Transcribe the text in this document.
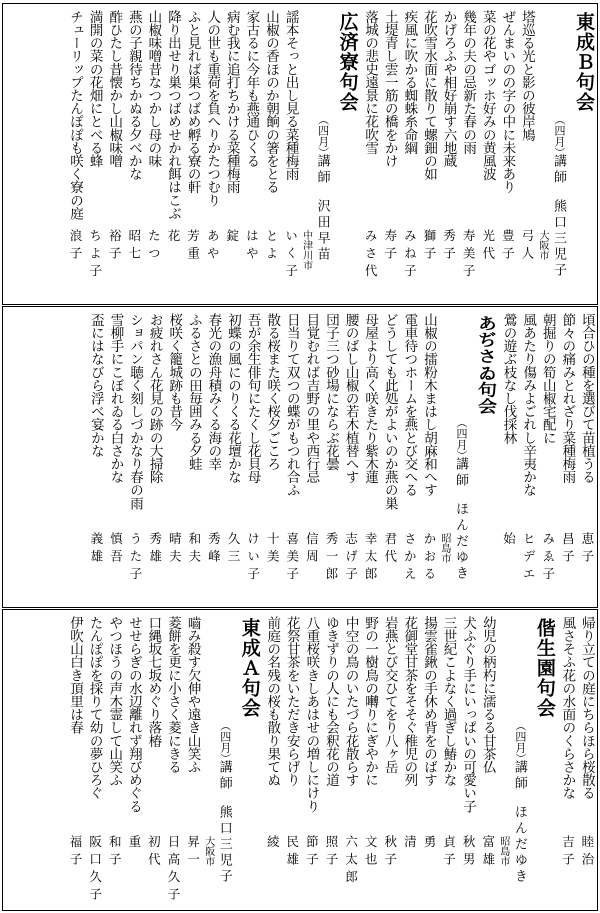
東成Ｂ句会
（四月）
講師
熊口三児子
大阪市
塔巡る光と影の彼岸鳩
弓人
ぜんまいのの字の中に未来あり
豊子
菜の花やゴッホ好みの黄風波
光代
幾年の夫の忌新た春の雨
寿美子
かげろふや相好崩す六地蔵
秀子
花吹雪水面に散りて螺鈿の如
獅子
疾風に吹かる蜘蛛糸命綱
みね子
土堤青し雲一筋の橋をかけ
寿子
落城の悲史遠景に花吹雪
みさ代
広済寮句会
（四月）
講師
沢田早苗
中津川市
謡本そっと出し見る菜種梅雨
いく子
山椒の香ほのか朝餉の箸をとる
とよ
家古るに今年も燕通ひくる
はや
病む我に追打ちかける菜種梅雨
錠
人の世も重荷を負へりかたつむり
あや
ふと見れば巣つばめ孵る寮の軒
芳重
降り出せり巣つばめせかれ餌はこぶ
花
山椒味噌昔なつかし母の味
たつ
燕の子親待ちかぬる夕べかな
昭七
酢ひたし昔懐かし山椒味噌
裕子
満開の菜の花畑にとべる蜂
ちよ子
チューリップたんぽぽも咲く寮の庭
浪子
頃合ひの種を選びて苗植うる
恵子
節々の痛みとれざり菜種梅雨
昌子
朝掘りの筍山椒宅配に
みゑ子
風あたり傷みよごれし辛夷かな
ヒデエ
鶯の遊ぶ枝なし伐採林
始
あぢさゐ句会
（四月）
講師
ほんだゆき
昭島市
山椒の擂粉木まはし胡麻和へす
かおる
電車待つホームを燕とび交へる
さかえ
どうしても此処がよいのか燕の巣
君代
母屋より高く咲きたり紫木蓮
幸太郎
腰のばし山椒の若木植替へす
志げ子
団子三つ砂場にならぶ花曇
秀一郎
目覚むれば吉野の里や西行忌
信周
日当りて双つの蝶がもつれ合ふ
喜美子
散る桜また咲く桜夕ごころ
十美
吾が余生俳句にたくし花貝母
けい子
初蝶の風にのりくる花壇かな
久三
春光の漁舟積みくる海の幸
秀峰
ふるさとの田毎囲みる夕蛙
和夫
桜咲く籠城跡も昔今
晴夫
お疲れさん花見の跡の大掃除
秀雄
ショパン聴く刻しづかなり春の雨
うた子
雪柳手にこぼれゐる白さかな
慎吾
盃にはなびら浮べ宴かな
義雄
帰り立ての庭にちらほら桜散る
睦治
風さそふ花の水面のくらさかな
吉子
偕生園句会
（四月）
講師
ほんだゆき
昭島市
幼児の柄杓に濡るる甘茶仏
富雄
犬ふぐり手にいっぱいの可愛い子
秋男
三世紀こよなく過ぎし鰆かな
貞子
揚雲雀鍬の手休め背をのばす
勇
花御堂甘茶をそそぐ稚児の列
清
岩燕とび交ひてをり八ヶ岳
秋子
野の一樹鳥の囀りにぎやかに
文也
中空の鳥のいたづら花散らす
六太郎
ゆきずりの人にも会釈花の道
照子
八重桜咲きしあはせの増しにけり
節子
花祭甘茶をいただき安らげり
民雄
前庭の名残の桜も散り果てぬ
綾
東成Ａ句会
（四月）
講師
熊口三児子
大阪市
嚙み殺す欠伸や遠き山笑ふ
昇一
菱餅を更に小さく菱にきる
日高久子
口縄坂七坂めぐり落椿
初代
せせらぎの水辺離れず翔びめぐる
重
やつほうの声木霊して山笑ふ
和子
たんぽぽを採りて幼の夢ひろぐ
阪口久子
伊吹山白き頂里は春
福子
